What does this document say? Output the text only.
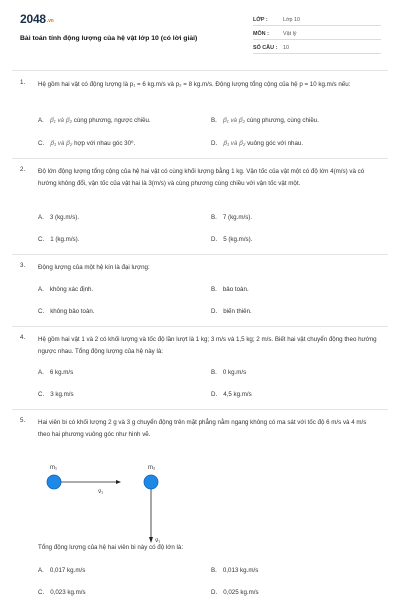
2048.vn
Bài toán tính động lượng của hệ vật lớp 10 (có lời giải)
LỚP :	Lớp 10
MÔN :	Vật lý
SỐ CÂU : 10
1. Hệ gồm hai vật có động lượng là p₁ = 6 kg.m/s và p₂ = 8 kg.m/s. Động lượng tổng cộng của hệ p = 10 kg.m/s nếu:
A. p⃗₁ và p⃗₂ cùng phương, ngược chiều.	B. p⃗₁ và p⃗₂ cùng phương, cùng chiều.
C. p⃗₁ và p⃗₂ hợp với nhau góc 30⁰.	D. p⃗₁ và p⃗₂ vuông góc với nhau.
2. Độ lớn động lượng tổng cộng của hệ hai vật có cùng khối lượng bằng 1 kg. Vận tốc của vật một có độ lớn 4(m/s) và có hướng không đổi, vận tốc của vật hai là 3(m/s) và cùng phương cùng chiều với vận tốc vật một.
A. 3 (kg.m/s).	B. 7 (kg.m/s).
C. 1 (kg.m/s).	D. 5 (kg.m/s).
3. Động lượng của một hệ kín là đại lượng:
A. không xác định.	B. bảo toàn.
C. không bảo toàn.	D. biến thiên.
4. Hệ gồm hai vật 1 và 2 có khối lượng và tốc độ lần lượt là 1 kg; 3 m/s và 1,5 kg; 2 m/s. Biết hai vật chuyển động theo hướng ngược nhau. Tổng động lượng của hệ này là:
A. 6 kg.m/s	B. 0 kg.m/s
C. 3 kg.m/s	D. 4,5 kg.m/s
5. Hai viên bi có khối lượng 2 g và 3 g chuyển động trên mặt phẳng nằm ngang không có ma sát với tốc độ 6 m/s và 4 m/s theo hai phương vuông góc như hình vẽ.
m₁
v⃗₁
m₂
v⃗₁
Tổng động lượng của hệ hai viên bi này có độ lớn là:
A. 0,017 kg.m/s	B. 0,013 kg.m/s
C. 0,023 kg.m/s	D. 0,025 kg.m/s
